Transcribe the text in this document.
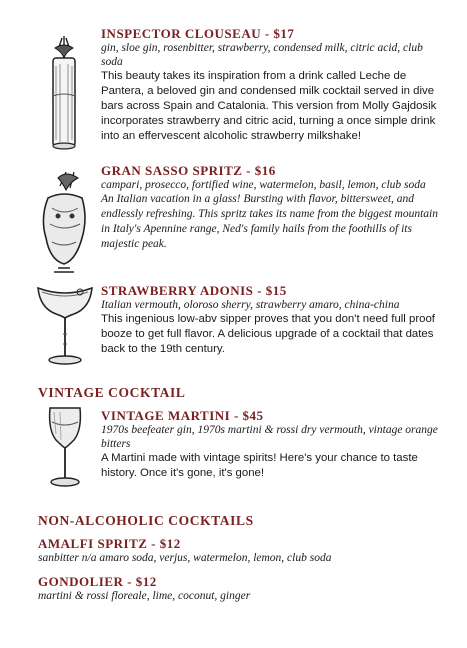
INSPECTOR CLOUSEAU - $17
gin, sloe gin, rosenbitter, strawberry, condensed milk, citric acid, club soda
This beauty takes its inspiration from a drink called Leche de Pantera, a beloved gin and condensed milk cocktail served in dive bars across Spain and Catalonia. This version from Molly Gajdosik incorporates strawberry and citric acid, turning a once simple drink into an effervescent alcoholic strawberry milkshake!
GRAN SASSO SPRITZ - $16
campari, prosecco, fortified wine, watermelon, basil, lemon, club soda
An Italian vacation in a glass! Bursting with flavor, bittersweet, and endlessly refreshing. This spritz takes its name from the biggest mountain in Italy's Apennine range, Ned's family hails from the foothills of its majestic peak.
STRAWBERRY ADONIS - $15
Italian vermouth, oloroso sherry, strawberry amaro, china-china
This ingenious low-abv sipper proves that you don't need full proof booze to get full flavor. A delicious upgrade of a cocktail that dates back to the 19th century.
VINTAGE COCKTAIL
VINTAGE MARTINI - $45
1970s beefeater gin, 1970s martini & rossi dry vermouth, vintage orange bitters
A Martini made with vintage spirits! Here's your chance to taste history. Once it's gone, it's gone!
NON-ALCOHOLIC COCKTAILS
AMALFI SPRITZ - $12
sanbitter n/a amaro soda, verjus, watermelon, lemon, club soda
GONDOLIER - $12
martini & rossi floreale, lime, coconut, ginger
